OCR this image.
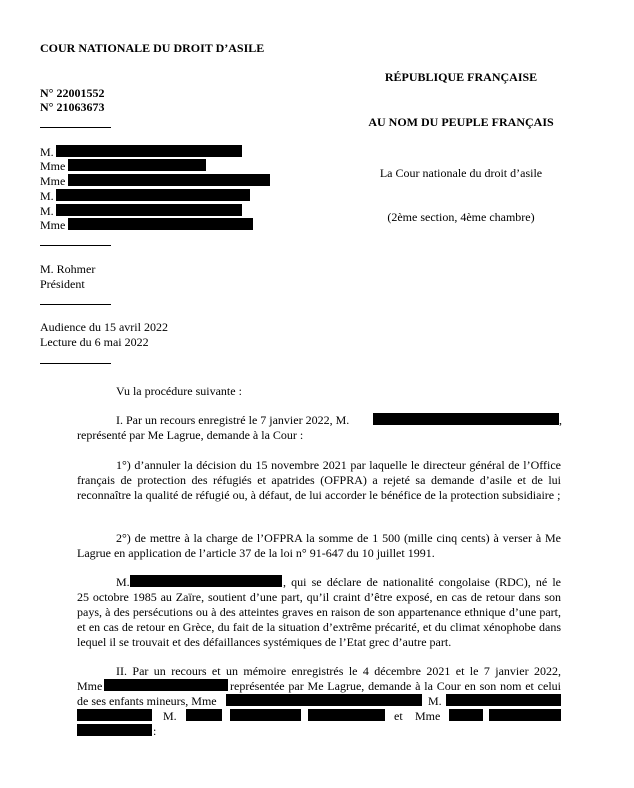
COUR NATIONALE DU DROIT D’ASILE
N° 22001552
N° 21063673
M.
Mme
Mme
M.
M.
Mme
M. Rohmer
Président
Audience du 15 avril 2022
Lecture du 6 mai 2022
RÉPUBLIQUE FRANÇAISE
AU NOM DU PEUPLE FRANÇAIS
La Cour nationale du droit d’asile
(2ème section, 4ème chambre)
Vu la procédure suivante :
I. Par un recours enregistré le 7 janvier 2022, M.	,
représenté par Me Lagrue, demande à la Cour :

1°) d’annuler la décision du 15 novembre 2021 par laquelle le directeur général de l’Office français de protection des réfugiés et apatrides (OFPRA) a rejeté sa demande d’asile et de lui reconnaître la qualité de réfugié ou, à défaut, de lui accorder le bénéfice de la protection subsidiaire ;

2°) de mettre à la charge de l’OFPRA la somme de 1 500 (mille cinq cents) à verser à Me Lagrue en application de l’article 37 de la loi n° 91-647 du 10 juillet 1991.

M.	, qui se déclare de nationalité congolaise (RDC), né le

25 octobre 1985 au Zaïre, soutient d’une part, qu’il craint d’être exposé, en cas de retour dans son pays, à des persécutions ou à des atteintes graves en raison de son appartenance ethnique d’une part, et en cas de retour en Grèce, du fait de la situation d’extrême précarité, et du climat xénophobe dans lequel il se trouvait et des défaillances systémiques de l’Etat grec d’autre part.

II. Par un recours et un mémoire enregistrés le 4 décembre 2021 et le 7 janvier 2022,
Mme	représentée par Me Lagrue, demande à la Cour en son nom et celui
de ses enfants mineurs, Mme	M.
M.	et Mme
:
